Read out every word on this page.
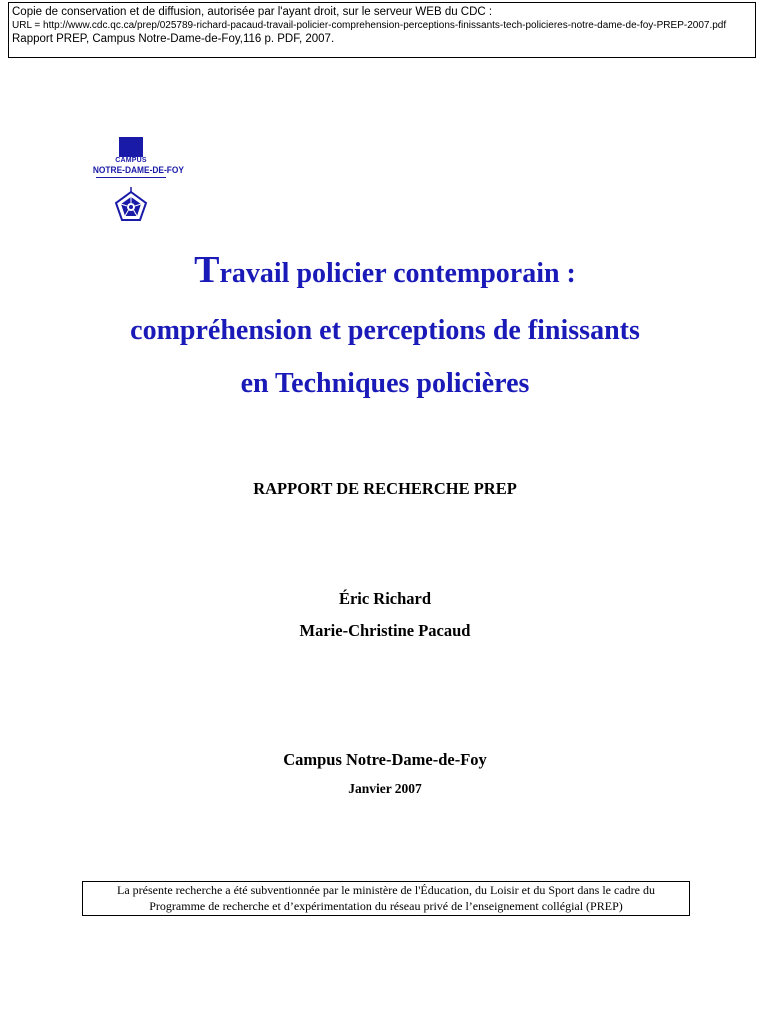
Copie de conservation et de diffusion, autorisée par l'ayant droit, sur le serveur WEB du CDC :
URL = http://www.cdc.qc.ca/prep/025789-richard-pacaud-travail-policier-comprehension-perceptions-finissants-tech-policieres-notre-dame-de-foy-PREP-2007.pdf
Rapport PREP, Campus Notre-Dame-de-Foy,116 p. PDF, 2007.
CAMPUS
NOTRE-DAME-DE-FOY
Travail policier contemporain :
compréhension et perceptions de finissants
en Techniques policières
RAPPORT DE RECHERCHE PREP
Éric Richard
Marie-Christine Pacaud
Campus Notre-Dame-de-Foy
Janvier 2007
La présente recherche a été subventionnée par le ministère de l'Éducation, du Loisir et du Sport dans le cadre du
Programme de recherche et d’expérimentation du réseau privé de l’enseignement collégial (PREP)
